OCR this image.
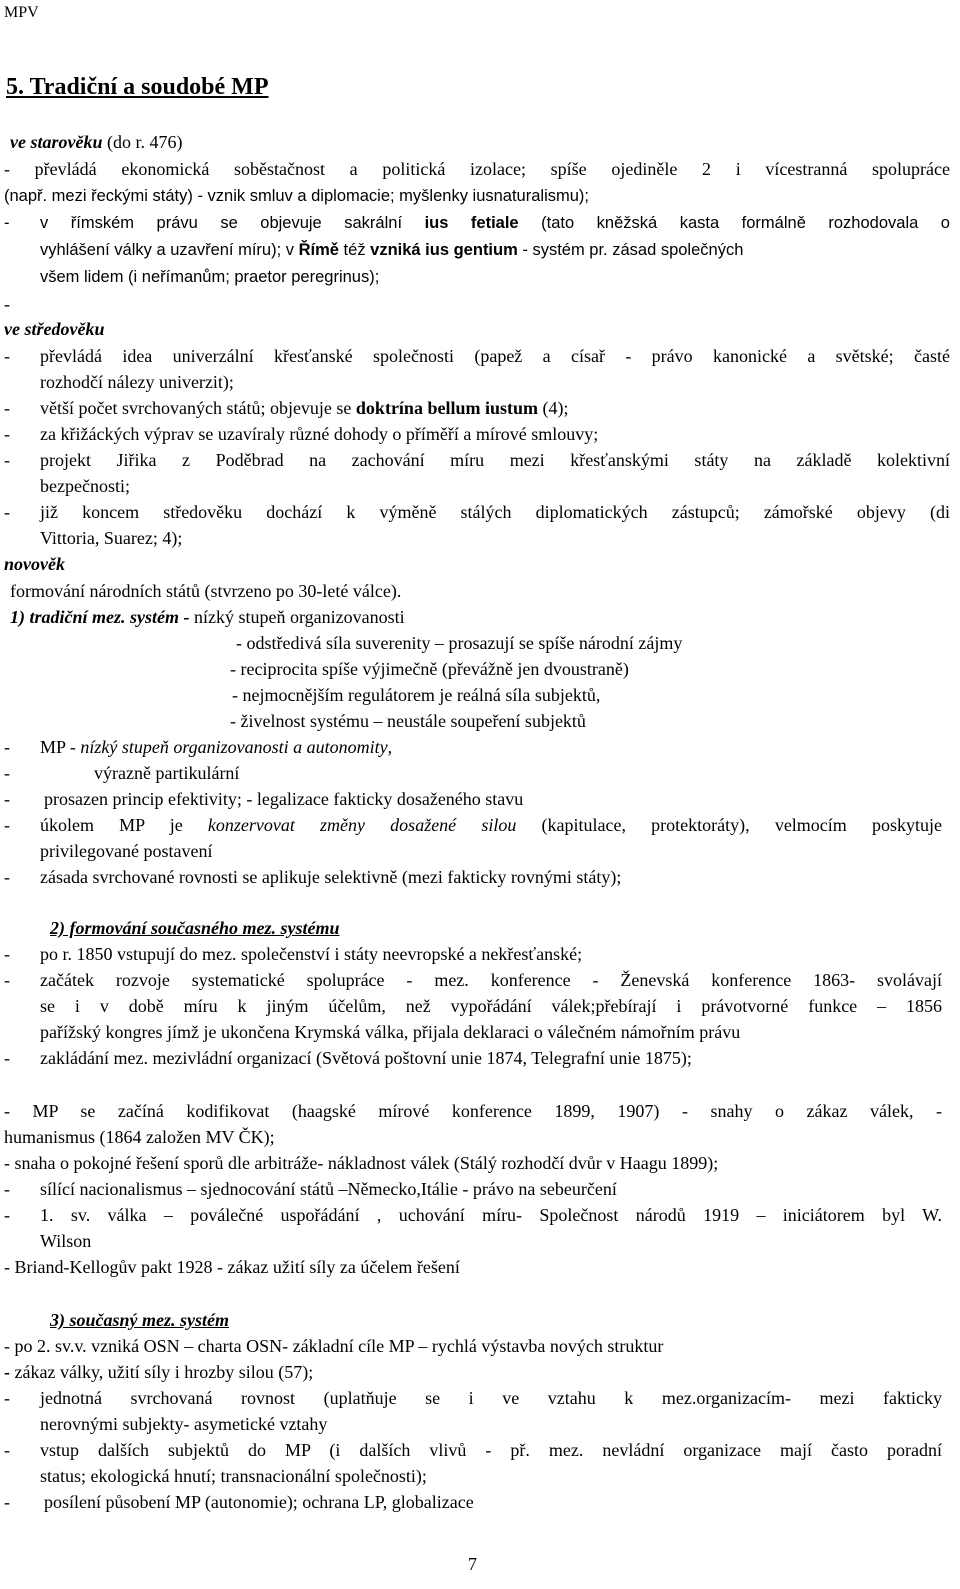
MPV
5. Tradiční a soudobé MP
ve starověku (do r. 476)
- převládá ekonomická soběstačnost a politická izolace; spíše ojediněle 2 i vícestranná spolupráce
(např. mezi řeckými státy) - vznik smluv a diplomacie; myšlenky iusnaturalismu);
- v římském právu se objevuje sakrální ius fetiale (tato kněžská kasta formálně rozhodovala o
vyhlášení války a uzavření míru); v Římě též vzniká ius gentium - systém pr. zásad společných
všem lidem (i neřímanům; praetor peregrinus);
-
ve středověku
- převládá idea univerzální křesťanské společnosti (papež a císař - právo kanonické a světské; časté
rozhodčí nálezy univerzit);
- větší počet svrchovaných států; objevuje se doktrína bellum iustum (4);
- za křižáckých výprav se uzavíraly různé dohody o příměří a mírové smlouvy;
- projekt Jiřika z Poděbrad na zachování míru mezi křesťanskými státy na základě kolektivní
bezpečnosti;
- již koncem středověku dochází k výměně stálých diplomatických zástupců; zámořské objevy (di
Vittoria, Suarez; 4);
novověk
formování národních států (stvrzeno po 30-leté válce).
1) tradiční mez. systém - nízký stupeň organizovanosti
- odstředivá síla suverenity – prosazují se spíše národní zájmy
- reciprocita spíše výjimečně (převážně jen dvoustraně)
- nejmocnějším regulátorem je reálná síla subjektů,
- živelnost systému – neustále soupeření subjektů
- MP - nízký stupeň organizovanosti a autonomity,
-	výrazně partikulární
- prosazen princip efektivity; - legalizace fakticky dosaženého stavu
- úkolem MP je konzervovat změny dosažené silou (kapitulace, protektoráty), velmocím poskytuje
privilegované postavení
- zásada svrchované rovnosti se aplikuje selektivně (mezi fakticky rovnými státy);
2) formování současného mez. systému
- po r. 1850 vstupují do mez. společenství i státy neevropské a nekřesťanské;
- začátek rozvoje systematické spolupráce - mez. konference - Ženevská konference 1863- svolávají
se i v době míru k jiným účelům, než vypořádání válek;přebírají i právotvorné funkce – 1856
pařížský kongres jímž je ukončena Krymská válka, přijala deklaraci o válečném námořním právu
- zakládání mez. mezivládní organizací (Světová poštovní unie 1874, Telegrafní unie 1875);
- MP se začíná kodifikovat (haagské mírové konference 1899, 1907) - snahy o zákaz válek, -
humanismus (1864 založen MV ČK);
- snaha o pokojné řešení sporů dle arbitráže- nákladnost válek (Stálý rozhodčí dvůr v Haagu 1899);
- sílící nacionalismus – sjednocování států –Německo,Itálie - právo na sebeurčení
- 1. sv. válka – poválečné uspořádání , uchování míru- Společnost národů 1919 – iniciátorem byl W.
Wilson
- Briand-Kellogův pakt 1928 - zákaz užití síly za účelem řešení
3) současný mez. systém
- po 2. sv.v. vzniká OSN – charta OSN- základní cíle MP – rychlá výstavba nových struktur
- zákaz války, užití síly i hrozby silou (57);
- jednotná svrchovaná rovnost (uplatňuje se i ve vztahu k mez.organizacím- mezi fakticky
nerovnými subjekty- asymetické vztahy
- vstup dalších subjektů do MP (i dalších vlivů - př. mez. nevládní organizace mají často poradní
status; ekologická hnutí; transnacionální společnosti);
- posílení působení MP (autonomie); ochrana LP, globalizace
7
